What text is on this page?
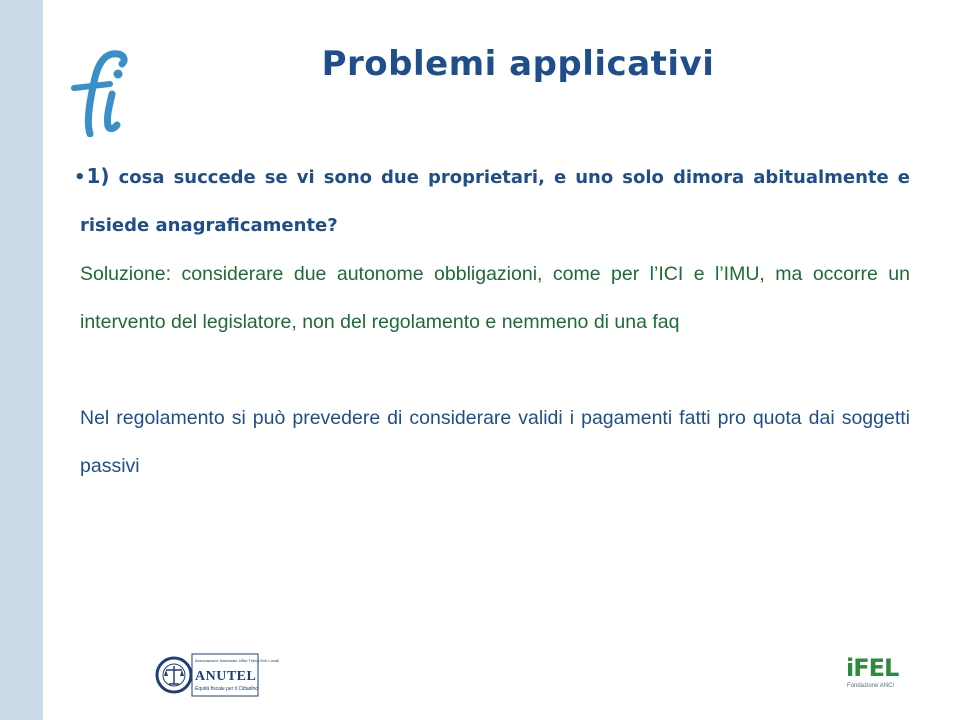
Problemi applicativi

•1) cosa succede se vi sono due proprietari, e uno solo dimora abitualmente e risiede anagraficamente?

Soluzione: considerare due autonome obbligazioni, come per l’ICI e l’IMU, ma occorre un intervento del legislatore, non del regolamento e nemmeno di una faq

Nel regolamento si può prevedere di considerare validi i pagamenti fatti pro quota dai soggetti passivi

Associazione Nazionale Uffici Tributi Enti Locali
ANUTEL
Equità fiscale per il Cittadino
iFEL
Fondazione ANCI
